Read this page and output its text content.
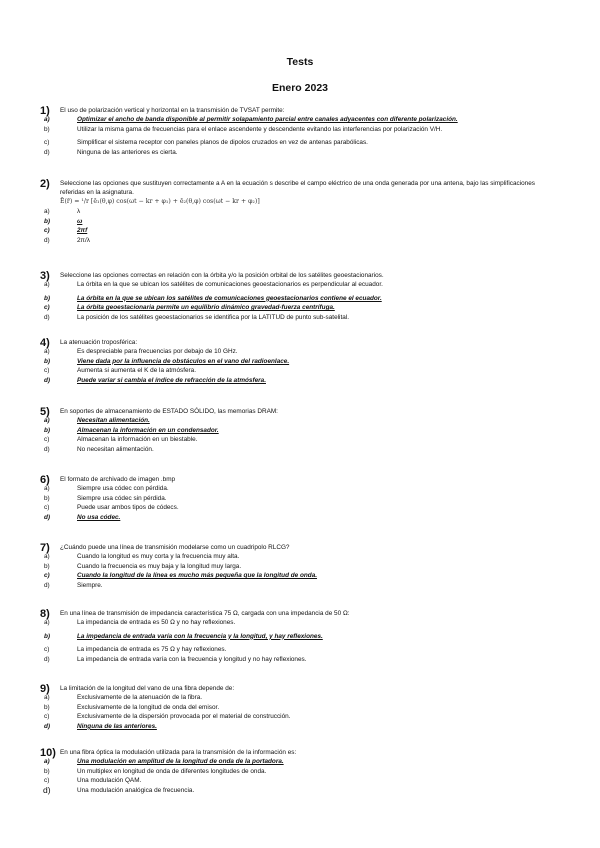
Tests
Enero 2023
1) El uso de polarización vertical y horizontal en la transmisión de TVSAT permite:
a)	Optimizar el ancho de banda disponible al permitir solapamiento parcial entre canales adyacentes con diferente polarización.
b)	Utilizar la misma gama de frecuencias para el enlace ascendente y descendente evitando las interferencias por polarización V/H.
c)	Simplificar el sistema receptor con paneles planos de dipolos cruzados en vez de antenas parabólicas.
d)	Ninguna de las anteriores es cierta.
2) Seleccione las opciones que sustituyen correctamente a A en la ecuación s describe el campo eléctrico de una onda generada por una antena, bajo las simplificaciones referidas en la asignatura.
Ē(r̄) = ¹/r [ē₁(θ,φ) cos(ωt − kr + φ₁) + ē₂(θ,φ) cos(ωt − kr + φ₂)]
a)	λ
b)	ω
c)	2πf
d)	2π/λ
3) Seleccione las opciones correctas en relación con la órbita y/o la posición orbital de los satélites geoestacionarios.
a)	La órbita en la que se ubican los satélites de comunicaciones geoestacionarios es perpendicular al ecuador.
b)	La órbita en la que se ubican los satélites de comunicaciones geoestacionarios contiene el ecuador.
c)	La órbita geoestacionaria permite un equilibrio dinámico gravedad-fuerza centrífuga.
d)	La posición de los satélites geoestacionarios se identifica por la LATITUD de punto sub-satelital.
4) La atenuación troposférica:
a)	Es despreciable para frecuencias por debajo de 10 GHz.
b)	Viene dada por la influencia de obstáculos en el vano del radioenlace.
c)	Aumenta si aumenta el K de la atmósfera.
d)	Puede variar si cambia el índice de refracción de la atmósfera.
5) En soportes de almacenamiento de ESTADO SÓLIDO, las memorias DRAM:
a)	Necesitan alimentación.
b)	Almacenan la información en un condensador.
c)	Almacenan la información en un biestable.
d)	No necesitan alimentación.
6) El formato de archivado de imagen .bmp
a)	Siempre usa códec con pérdida.
b)	Siempre usa códec sin pérdida.
c)	Puede usar ambos tipos de códecs.
d)	No usa códec.
7) ¿Cuándo puede una línea de transmisión modelarse como un cuadripolo RLCG?
a)	Cuando la longitud es muy corta y la frecuencia muy alta.
b)	Cuando la frecuencia es muy baja y la longitud muy larga.
c)	Cuando la longitud de la línea es mucho más pequeña que la longitud de onda.
d)	Siempre.
8) En una línea de transmisión de impedancia característica 75 Ω, cargada con una impedancia de 50 Ω:
a)	La impedancia de entrada es 50 Ω y no hay reflexiones.
b)	La impedancia de entrada varía con la frecuencia y la longitud, y hay reflexiones.
c)	La impedancia de entrada es 75 Ω y hay reflexiones.
d)	La impedancia de entrada varía con la frecuencia y longitud y no hay reflexiones.
9) La limitación de la longitud del vano de una fibra depende de:
a)	Exclusivamente de la atenuación de la fibra.
b)	Exclusivamente de la longitud de onda del emisor.
c)	Exclusivamente de la dispersión provocada por el material de construcción.
d)	Ninguna de las anteriores.
10) En una fibra óptica la modulación utilizada para la transmisión de la información es:
a)	Una modulación en amplitud de la longitud de onda de la portadora.
b)	Un multiplex en longitud de onda de diferentes longitudes de onda.
c)	Una modulación QAM.
d)	Una modulación analógica de frecuencia.
